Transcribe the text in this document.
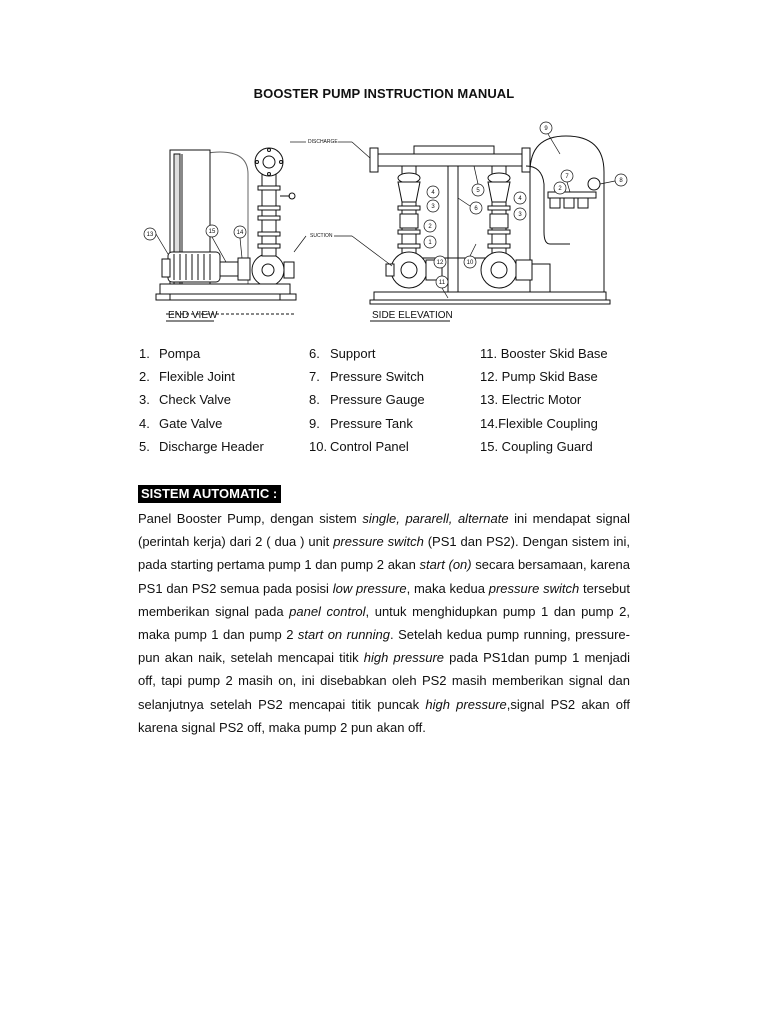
BOOSTER PUMP INSTRUCTION MANUAL
13	15	14
4
3
2
1
12
11
5
6
10
9
7
2
8
4
3
DISCHARGE
SUCTION
END VIEW	SIDE ELEVATION
1. Pompa
2. Flexible Joint
3. Check Valve
4. Gate Valve
5. Discharge Header
6. Support
7. Pressure Switch
8. Pressure Gauge
9. Pressure Tank
10. Control Panel
11. Booster Skid Base
12. Pump Skid Base
13. Electric Motor
14.Flexible Coupling
15. Coupling Guard
SISTEM AUTOMATIC :
Panel Booster Pump, dengan sistem single, pararell, alternate ini mendapat signal (perintah kerja) dari 2 ( dua ) unit pressure switch (PS1 dan PS2). Dengan sistem ini, pada starting pertama pump 1 dan pump 2 akan start (on) secara bersamaan, karena PS1 dan PS2 semua pada posisi low pressure, maka kedua pressure switch tersebut memberikan signal pada panel control, untuk menghidupkan pump 1 dan pump 2, maka pump 1 dan pump 2 start on running. Setelah kedua pump running, pressure-pun akan naik, setelah mencapai titik high pressure pada PS1dan pump 1 menjadi off, tapi pump 2 masih on, ini disebabkan oleh PS2 masih memberikan signal dan selanjutnya setelah PS2 mencapai titik puncak high pressure,signal PS2 akan off karena signal PS2 off, maka pump 2 pun akan off.
